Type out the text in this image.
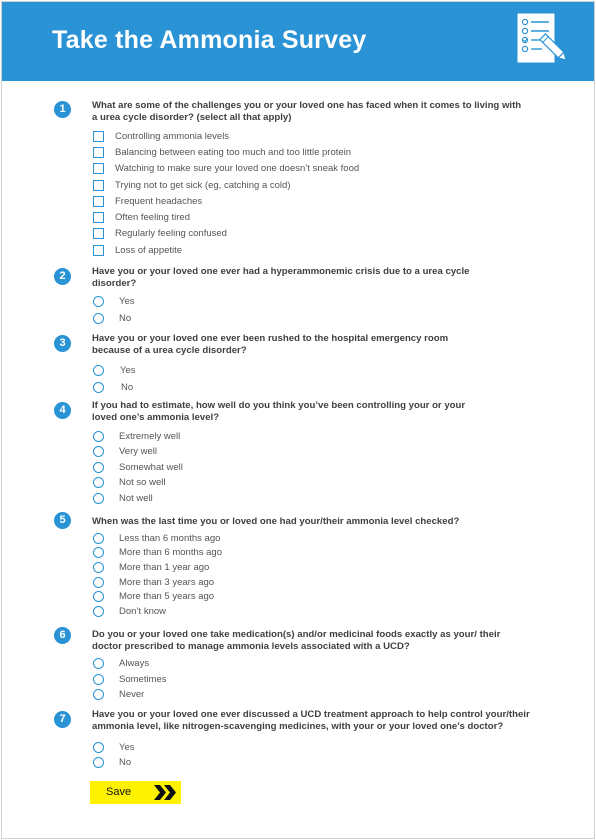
Take the Ammonia Survey
1	What are some of the challenges you or your loved one has faced when it comes to living with a urea cycle disorder? (select all that apply)
Controlling ammonia levels
Balancing between eating too much and too little protein
Watching to make sure your loved one doesn’t sneak food
Trying not to get sick (eg, catching a cold)
Frequent headaches
Often feeling tired
Regularly feeling confused
Loss of appetite
2	Have you or your loved one ever had a hyperammonemic crisis due to a urea cycle disorder?
Yes
No
3	Have you or your loved one ever been rushed to the hospital emergency room because of a urea cycle disorder?
Yes
No
4	If you had to estimate, how well do you think you’ve been controlling your or your loved one’s ammonia level?
Extremely well
Very well
Somewhat well
Not so well
Not well
5	When was the last time you or loved one had your/their ammonia level checked?
Less than 6 months ago
More than 6 months ago
More than 1 year ago
More than 3 years ago
More than 5 years ago
Don’t know
6	Do you or your loved one take medication(s) and/or medicinal foods exactly as your/ their doctor prescribed to manage ammonia levels associated with a UCD?
Always
Sometimes
Never
7	Have you or your loved one ever discussed a UCD treatment approach to help control your/their ammonia level, like nitrogen-scavenging medicines, with your or your loved one’s doctor?
Yes
No
Save
